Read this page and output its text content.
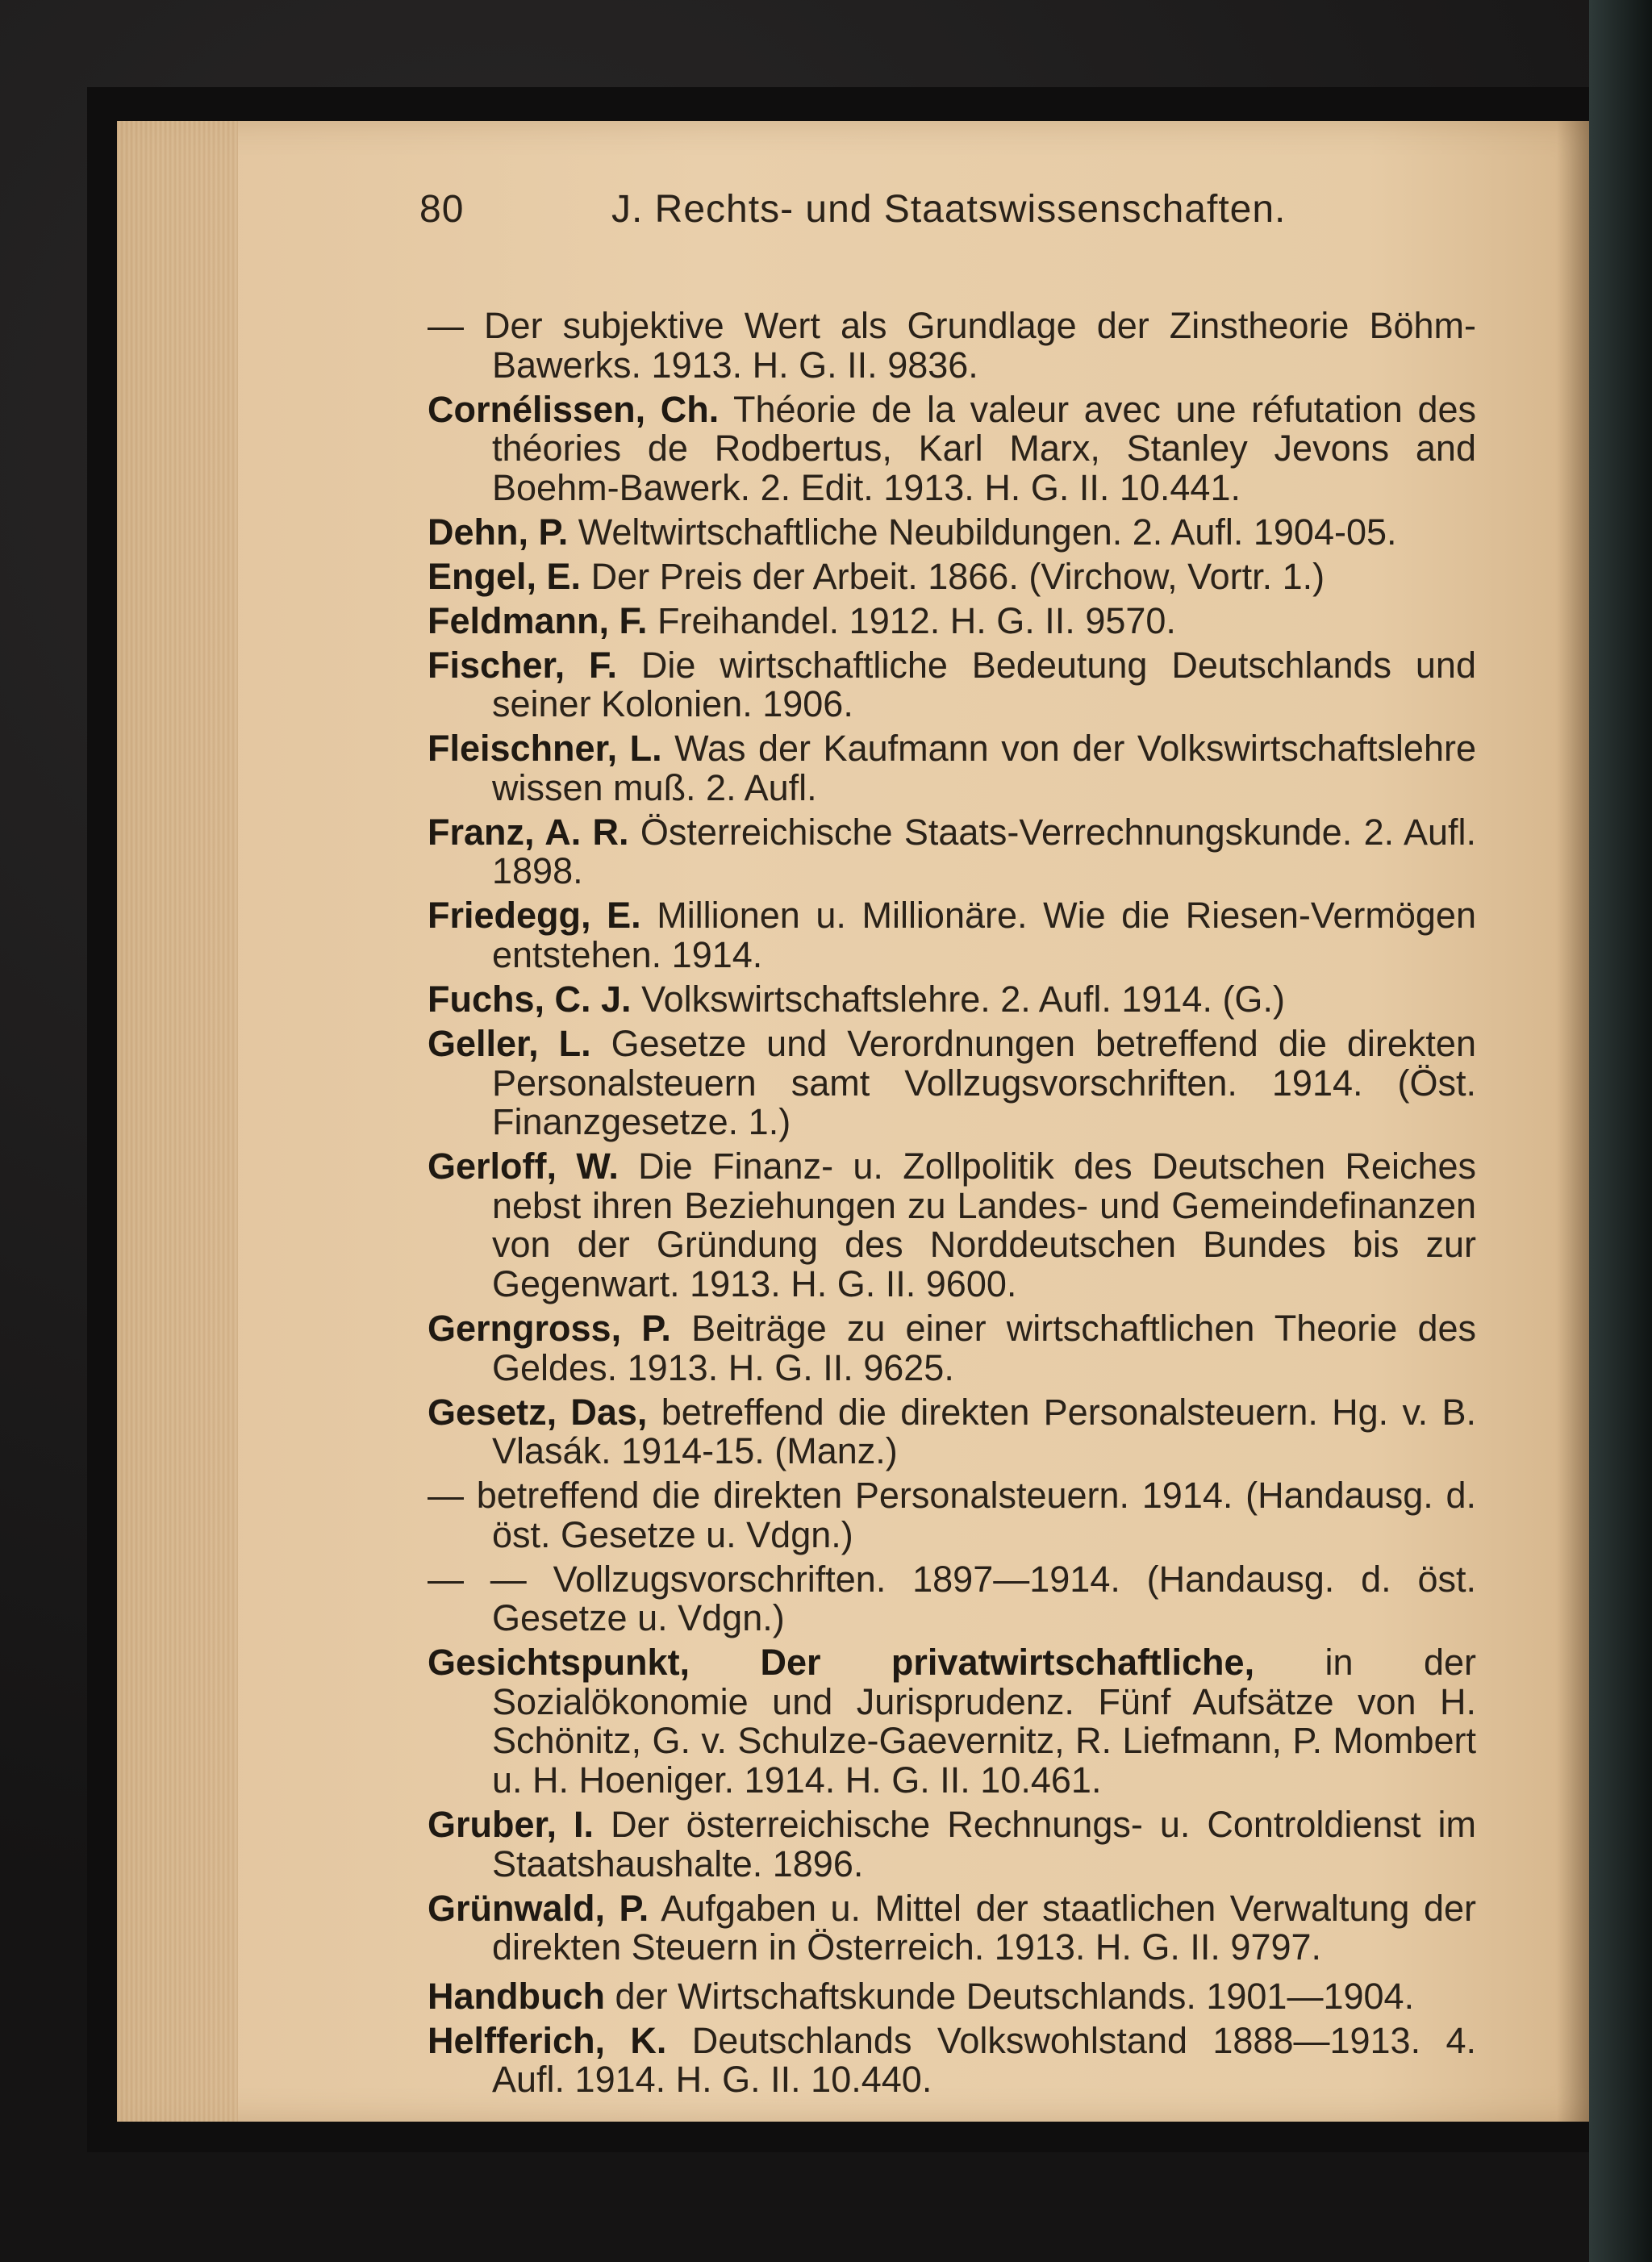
80	J. Rechts- und Staatswissenschaften.

— Der subjektive Wert als Grundlage der Zinstheorie Böhm-Bawerks. 1913. H. G. II. 9836.

Cornélissen, Ch. Théorie de la valeur avec une réfutation des théories de Rodbertus, Karl Marx, Stanley Jevons and Boehm-Bawerk. 2. Edit. 1913. H. G. II. 10.441.

Dehn, P. Weltwirtschaftliche Neubildungen. 2. Aufl. 1904-05.

Engel, E. Der Preis der Arbeit. 1866. (Virchow, Vortr. 1.)

Feldmann, F. Freihandel. 1912. H. G. II. 9570.

Fischer, F. Die wirtschaftliche Bedeutung Deutschlands und seiner Kolonien. 1906.

Fleischner, L. Was der Kaufmann von der Volkswirtschaftslehre wissen muß. 2. Aufl.

Franz, A. R. Österreichische Staats-Verrechnungskunde. 2. Aufl. 1898.

Friedegg, E. Millionen u. Millionäre. Wie die Riesen-Vermögen entstehen. 1914.

Fuchs, C. J. Volkswirtschaftslehre. 2. Aufl. 1914. (G.)

Geller, L. Gesetze und Verordnungen betreffend die direkten Personalsteuern samt Vollzugsvorschriften. 1914. (Öst. Finanzgesetze. 1.)

Gerloff, W. Die Finanz- u. Zollpolitik des Deutschen Reiches nebst ihren Beziehungen zu Landes- und Gemeindefinanzen von der Gründung des Norddeutschen Bundes bis zur Gegenwart. 1913. H. G. II. 9600.

Gerngross, P. Beiträge zu einer wirtschaftlichen Theorie des Geldes. 1913. H. G. II. 9625.

Gesetz, Das, betreffend die direkten Personalsteuern. Hg. v. B. Vlasák. 1914-15. (Manz.)

— betreffend die direkten Personalsteuern. 1914. (Handausg. d. öst. Gesetze u. Vdgn.)

— — Vollzugsvorschriften. 1897—1914. (Handausg. d. öst. Gesetze u. Vdgn.)

Gesichtspunkt, Der privatwirtschaftliche, in der Sozialökonomie und Jurisprudenz. Fünf Aufsätze von H. Schönitz, G. v. Schulze-Gaevernitz, R. Liefmann, P. Mombert u. H. Hoeniger. 1914. H. G. II. 10.461.

Gruber, I. Der österreichische Rechnungs- u. Controldienst im Staatshaushalte. 1896.

Grünwald, P. Aufgaben u. Mittel der staatlichen Verwaltung der direkten Steuern in Österreich. 1913. H. G. II. 9797.

Handbuch der Wirtschaftskunde Deutschlands. 1901—1904.

Helfferich, K. Deutschlands Volkswohlstand 1888—1913. 4. Aufl. 1914. H. G. II. 10.440.
